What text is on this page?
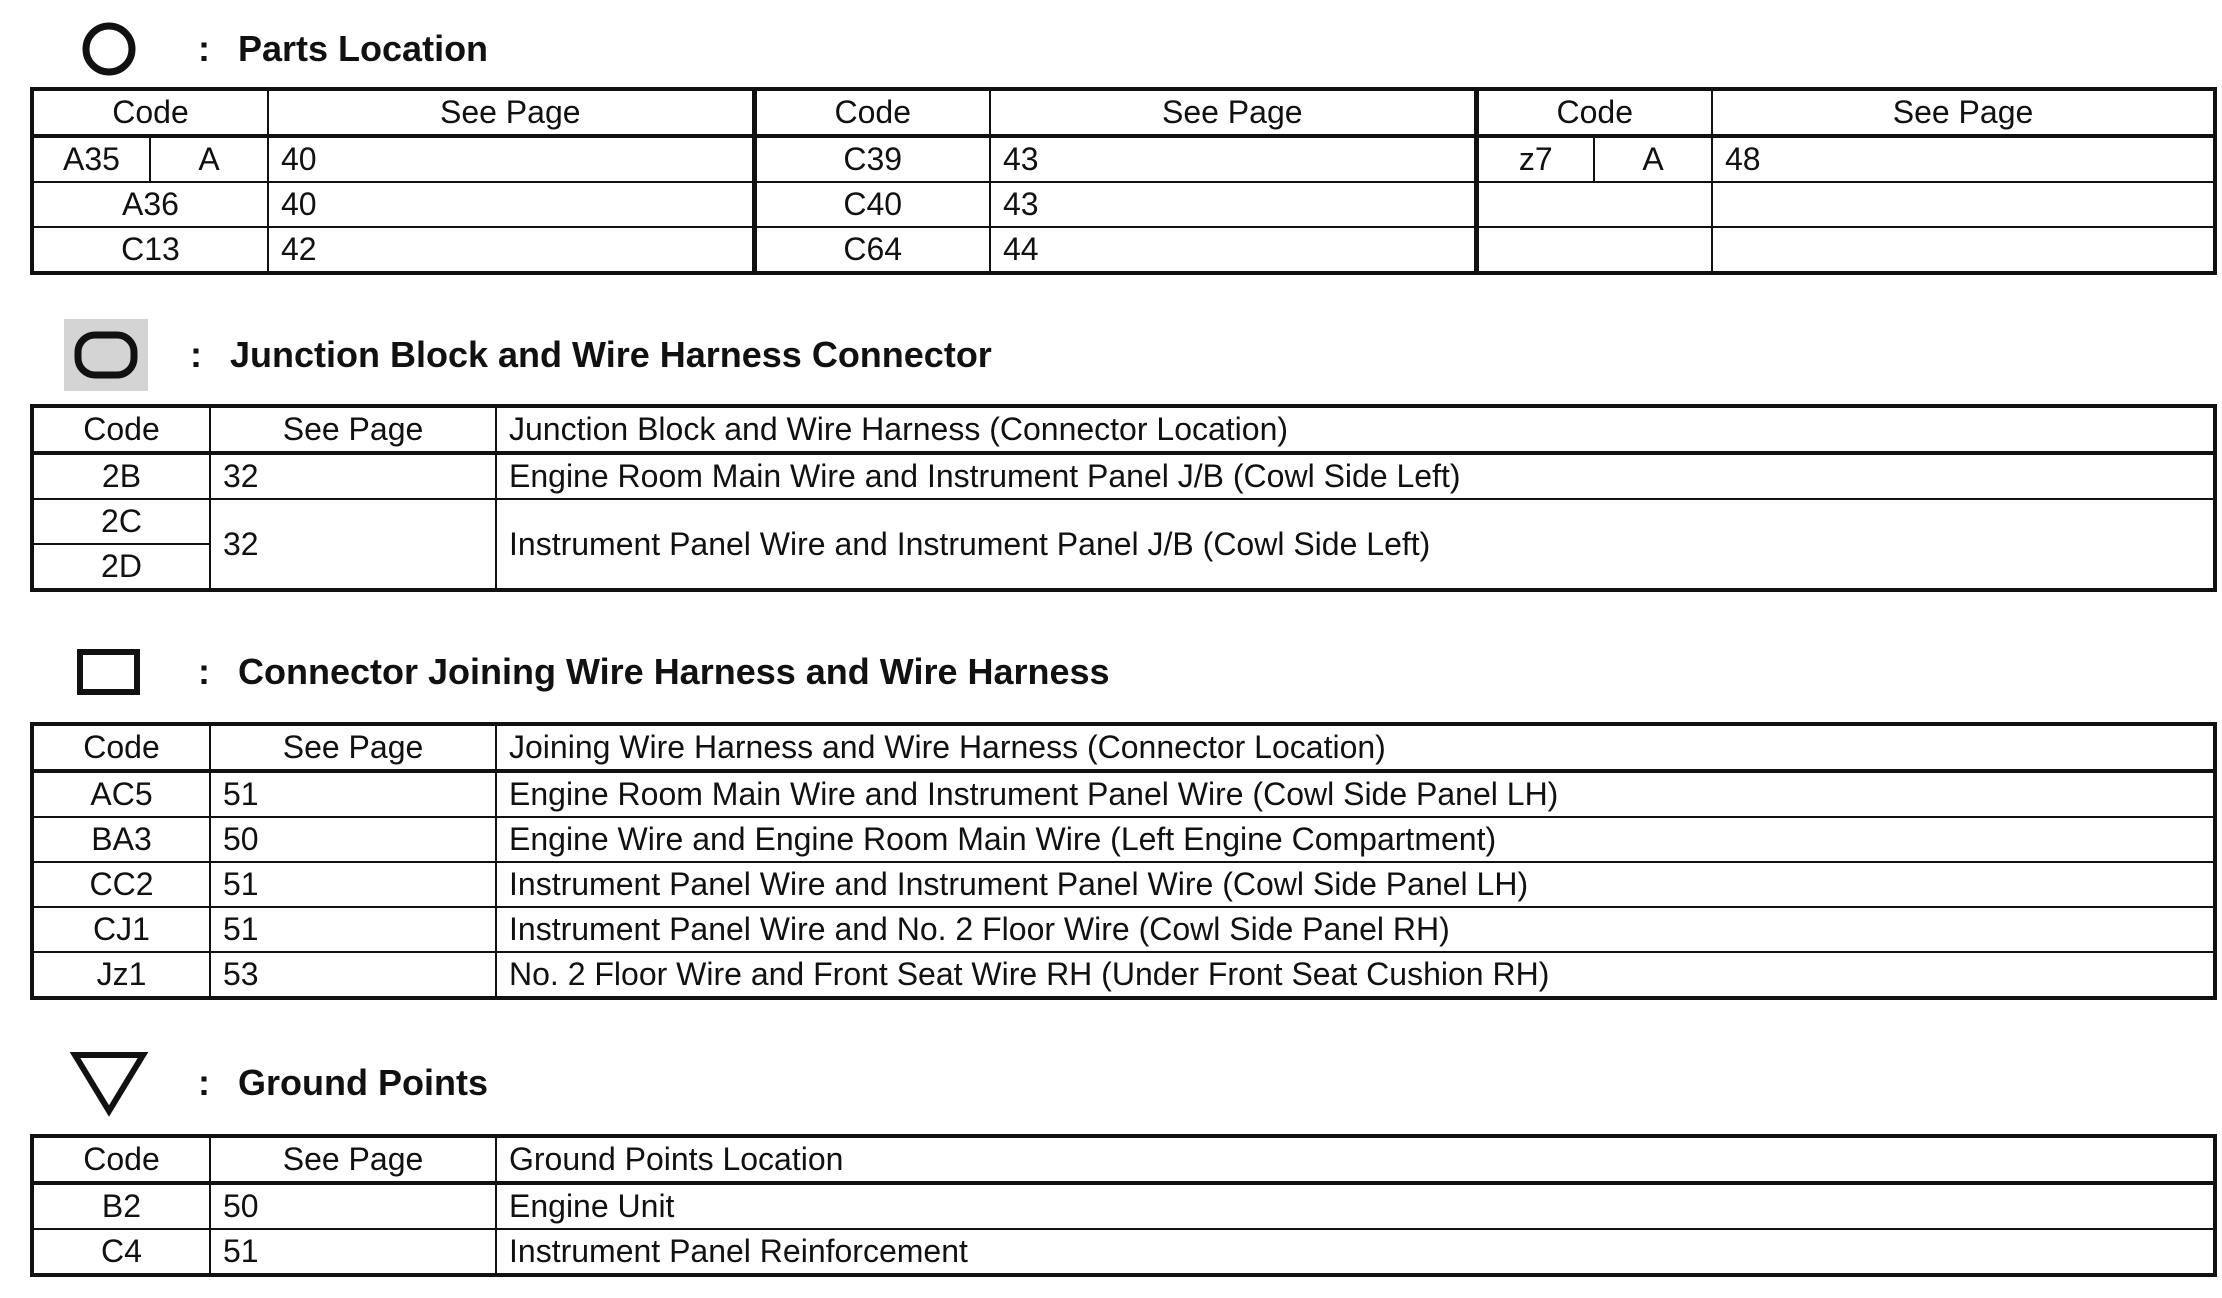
: Parts Location
Code		See Page	Code	See Page	Code		See Page
A35	A	40	C39	43	z7	A	48
A36		40	C40	43			
C13		42	C64	44			
: Junction Block and Wire Harness Connector
Code	See Page	Junction Block and Wire Harness (Connector Location)
2B	32	Engine Room Main Wire and Instrument Panel J/B (Cowl Side Left)
2C	32	Instrument Panel Wire and Instrument Panel J/B (Cowl Side Left)
2D		
: Connector Joining Wire Harness and Wire Harness
Code	See Page	Joining Wire Harness and Wire Harness (Connector Location)
AC5	51	Engine Room Main Wire and Instrument Panel Wire (Cowl Side Panel LH)
BA3	50	Engine Wire and Engine Room Main Wire (Left Engine Compartment)
CC2	51	Instrument Panel Wire and Instrument Panel Wire (Cowl Side Panel LH)
CJ1	51	Instrument Panel Wire and No. 2 Floor Wire (Cowl Side Panel RH)
Jz1	53	No. 2 Floor Wire and Front Seat Wire RH (Under Front Seat Cushion RH)
: Ground Points
Code	See Page	Ground Points Location
B2	50	Engine Unit
C4	51	Instrument Panel Reinforcement
